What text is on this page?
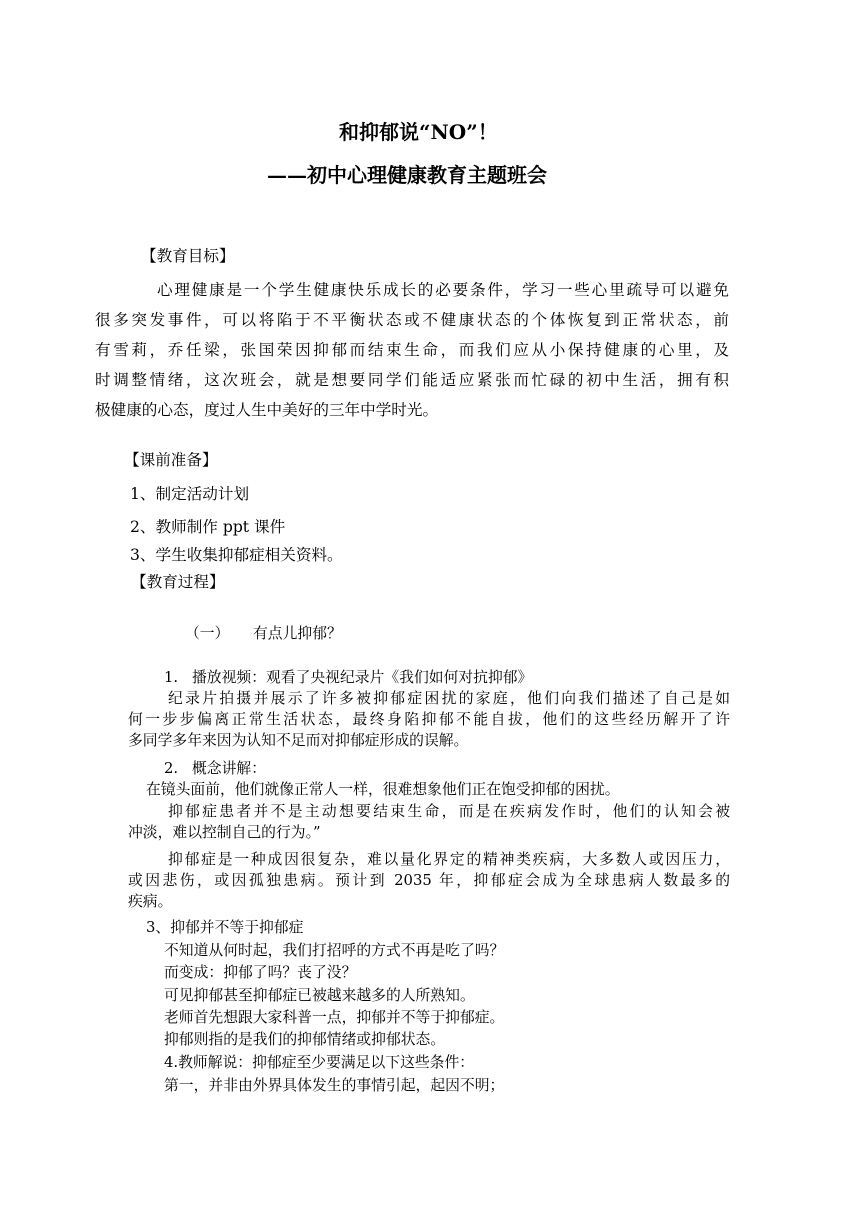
和抑郁说“NO”！
——初中心理健康教育主题班会
【教育目标】

心理健康是一个学生健康快乐成长的必要条件，学习一些心里疏导可以避免

很多突发事件，可以将陷于不平衡状态或不健康状态的个体恢复到正常状态，前

有雪莉，乔任梁，张国荣因抑郁而结束生命，而我们应从小保持健康的心里，及

时调整情绪，这次班会，就是想要同学们能适应紧张而忙碌的初中生活，拥有积

极健康的心态，度过人生中美好的三年中学时光。

【课前准备】
1、制定活动计划
2、教师制作 ppt 课件
3、学生收集抑郁症相关资料。
【教育过程】
（一） 有点儿抑郁？
1. 播放视频：观看了央视纪录片《我们如何对抗抑郁》

纪录片拍摄并展示了许多被抑郁症困扰的家庭，他们向我们描述了自己是如

何一步步偏离正常生活状态，最终身陷抑郁不能自拔，他们的这些经历解开了许

多同学多年来因为认知不足而对抑郁症形成的误解。

2. 概念讲解：
在镜头面前，他们就像正常人一样，很难想象他们正在饱受抑郁的困扰。

抑郁症患者并不是主动想要结束生命，而是在疾病发作时，他们的认知会被

冲淡，难以控制自己的行为。”

抑郁症是一种成因很复杂，难以量化界定的精神类疾病，大多数人或因压力，

或因悲伤，或因孤独患病。预计到 2035 年，抑郁症会成为全球患病人数最多的

疾病。

3、抑郁并不等于抑郁症
不知道从何时起，我们打招呼的方式不再是吃了吗？
而变成：抑郁了吗？丧了没？
可见抑郁甚至抑郁症已被越来越多的人所熟知。
老师首先想跟大家科普一点，抑郁并不等于抑郁症。
抑郁则指的是我们的抑郁情绪或抑郁状态。
4.教师解说：抑郁症至少要满足以下这些条件：
第一，并非由外界具体发生的事情引起，起因不明；
